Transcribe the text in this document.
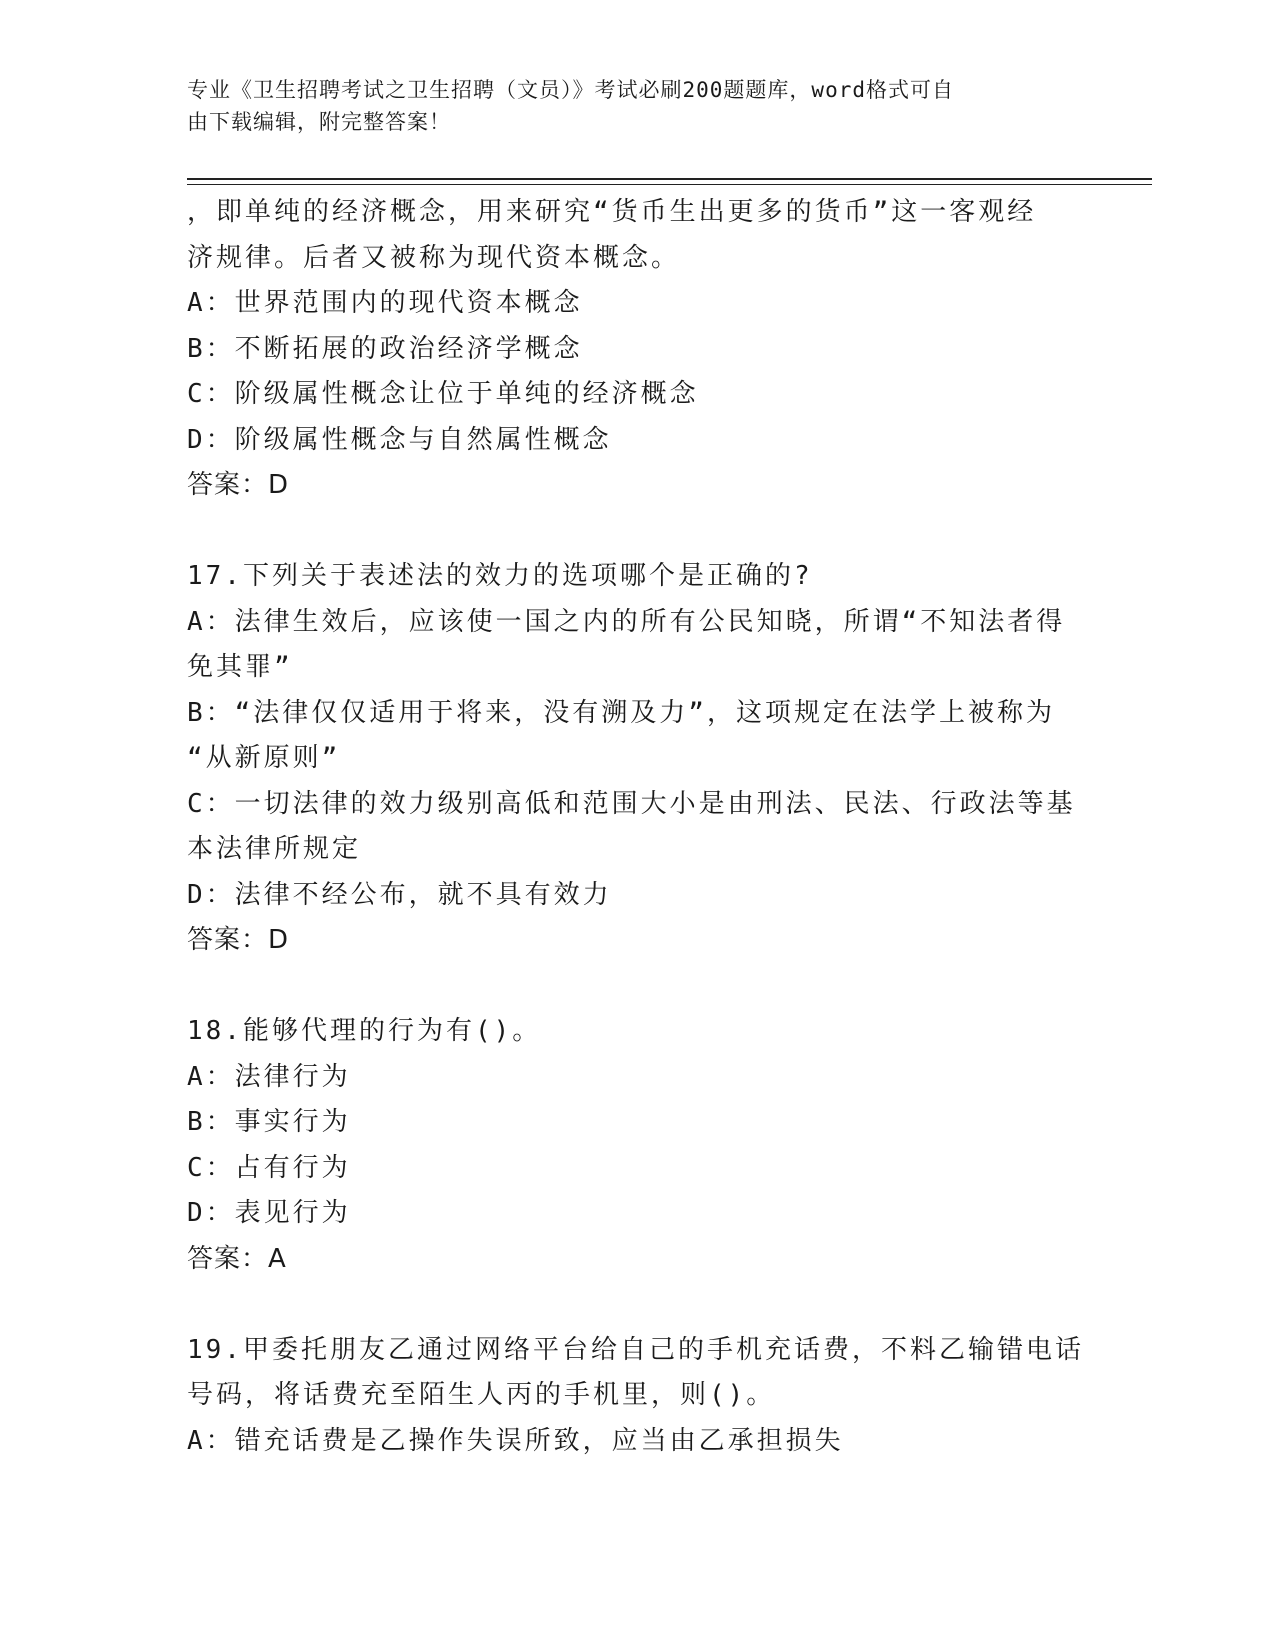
专业《卫生招聘考试之卫生招聘（文员）》考试必刷200题题库，word格式可自
由下载编辑，附完整答案！
，即单纯的经济概念，用来研究“货币生出更多的货币”这一客观经
济规律。后者又被称为现代资本概念。
A：世界范围内的现代资本概念
B：不断拓展的政治经济学概念
C：阶级属性概念让位于单纯的经济概念
D：阶级属性概念与自然属性概念
答案：D
17.下列关于表述法的效力的选项哪个是正确的?
A：法律生效后，应该使一国之内的所有公民知晓，所谓“不知法者得
免其罪”
B：“法律仅仅适用于将来，没有溯及力”，这项规定在法学上被称为
“从新原则”
C：一切法律的效力级别高低和范围大小是由刑法、民法、行政法等基
本法律所规定
D：法律不经公布，就不具有效力
答案：D
18.能够代理的行为有()。
A：法律行为
B：事实行为
C：占有行为
D：表见行为
答案：A
19.甲委托朋友乙通过网络平台给自己的手机充话费，不料乙输错电话
号码，将话费充至陌生人丙的手机里，则()。
A：错充话费是乙操作失误所致，应当由乙承担损失
